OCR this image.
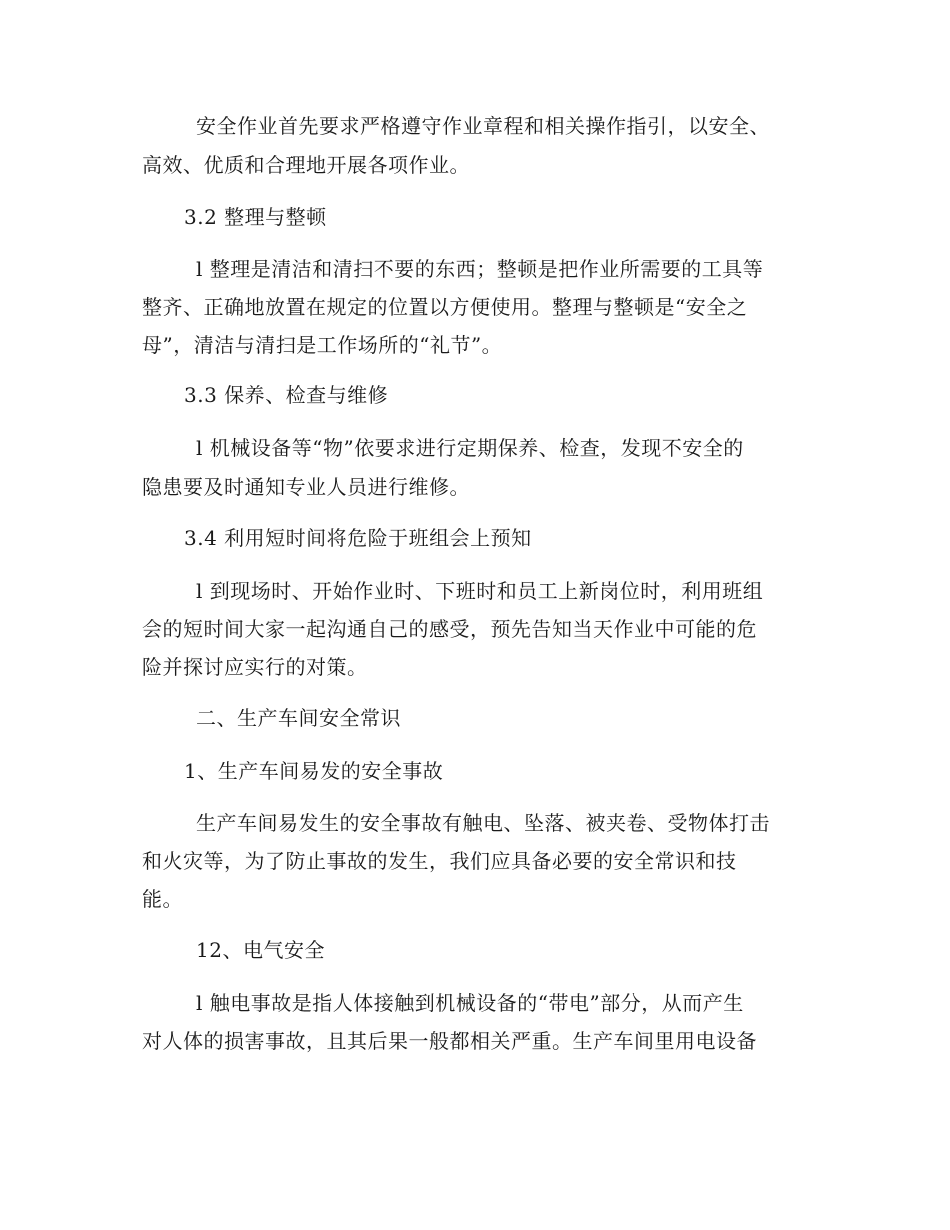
安全作业首先要求严格遵守作业章程和相关操作指引，以安全、
高效、优质和合理地开展各项作业。
3.2 整理与整顿
l 整理是清洁和清扫不要的东西；整顿是把作业所需要的工具等
整齐、正确地放置在规定的位置以方便使用。整理与整顿是“安全之
母”，清洁与清扫是工作场所的“礼节”。
3.3 保养、检查与维修
l 机械设备等“物”依要求进行定期保养、检查，发现不安全的
隐患要及时通知专业人员进行维修。
3.4 利用短时间将危险于班组会上预知
l 到现场时、开始作业时、下班时和员工上新岗位时，利用班组
会的短时间大家一起沟通自己的感受，预先告知当天作业中可能的危
险并探讨应实行的对策。
二、生产车间安全常识
1、生产车间易发的安全事故
生产车间易发生的安全事故有触电、坠落、被夹卷、受物体打击
和火灾等，为了防止事故的发生，我们应具备必要的安全常识和技
能。
12、电气安全
l 触电事故是指人体接触到机械设备的“带电”部分，从而产生
对人体的损害事故，且其后果一般都相关严重。生产车间里用电设备
